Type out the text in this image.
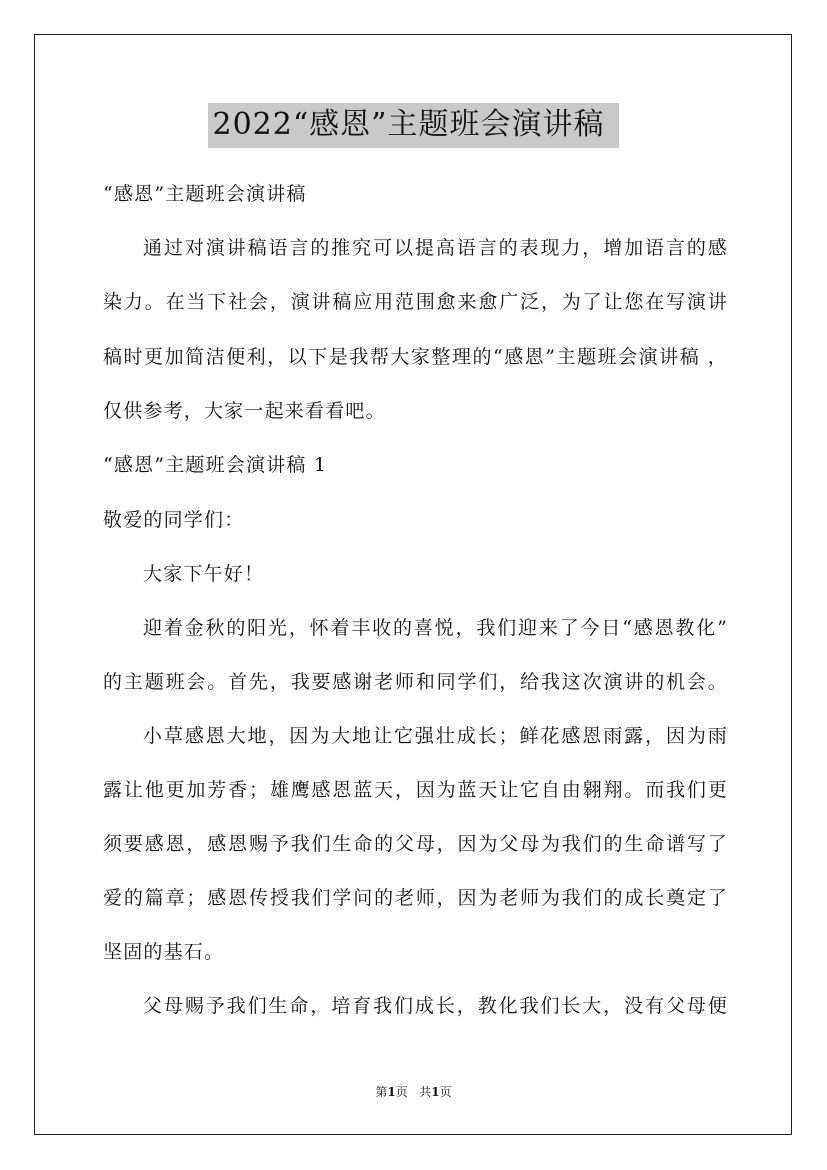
2022“感恩”主题班会演讲稿
“感恩”主题班会演讲稿
通过对演讲稿语言的推究可以提高语言的表现力，增加语言的感
染力。在当下社会，演讲稿应用范围愈来愈广泛，为了让您在写演讲
稿时更加简洁便利，以下是我帮大家整理的“感恩”主题班会演讲稿 ，
仅供参考，大家一起来看看吧。
“感恩”主题班会演讲稿 1
敬爱的同学们：
大家下午好！
迎着金秋的阳光，怀着丰收的喜悦，我们迎来了今日“感恩教化”
的主题班会。首先，我要感谢老师和同学们，给我这次演讲的机会。
小草感恩大地，因为大地让它强壮成长；鲜花感恩雨露，因为雨
露让他更加芳香；雄鹰感恩蓝天，因为蓝天让它自由翱翔。而我们更
须要感恩，感恩赐予我们生命的父母，因为父母为我们的生命谱写了
爱的篇章；感恩传授我们学问的老师，因为老师为我们的成长奠定了
坚固的基石。
父母赐予我们生命，培育我们成长，教化我们长大，没有父母便
第1页 共1页
